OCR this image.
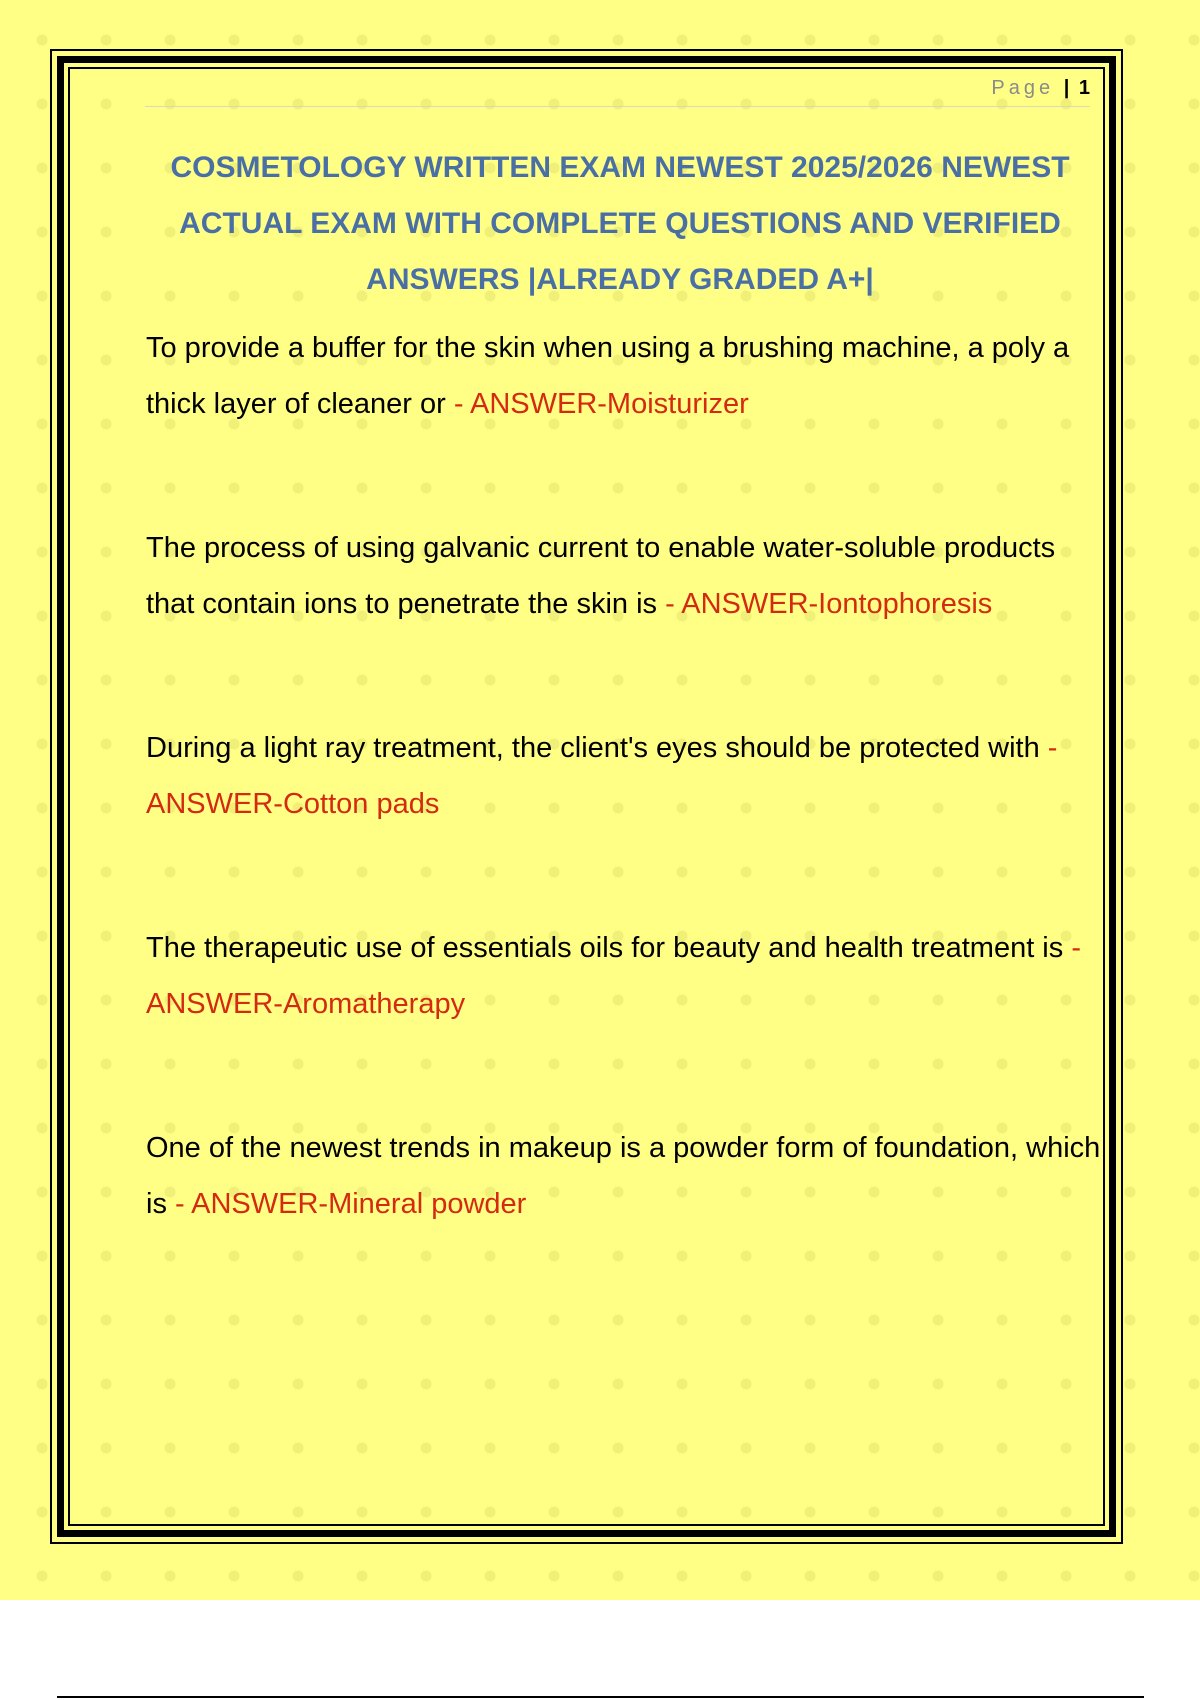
Page | 1
COSMETOLOGY WRITTEN EXAM NEWEST 2025/2026 NEWEST ACTUAL EXAM WITH COMPLETE QUESTIONS AND VERIFIED ANSWERS |ALREADY GRADED A+|

To provide a buffer for the skin when using a brushing machine, a poly a thick layer of cleaner or - ANSWER-Moisturizer

The process of using galvanic current to enable water-soluble products that contain ions to penetrate the skin is - ANSWER-Iontophoresis

During a light ray treatment, the client's eyes should be protected with - ANSWER-Cotton pads

The therapeutic use of essentials oils for beauty and health treatment is - ANSWER-Aromatherapy

One of the newest trends in makeup is a powder form of foundation, which is - ANSWER-Mineral powder
